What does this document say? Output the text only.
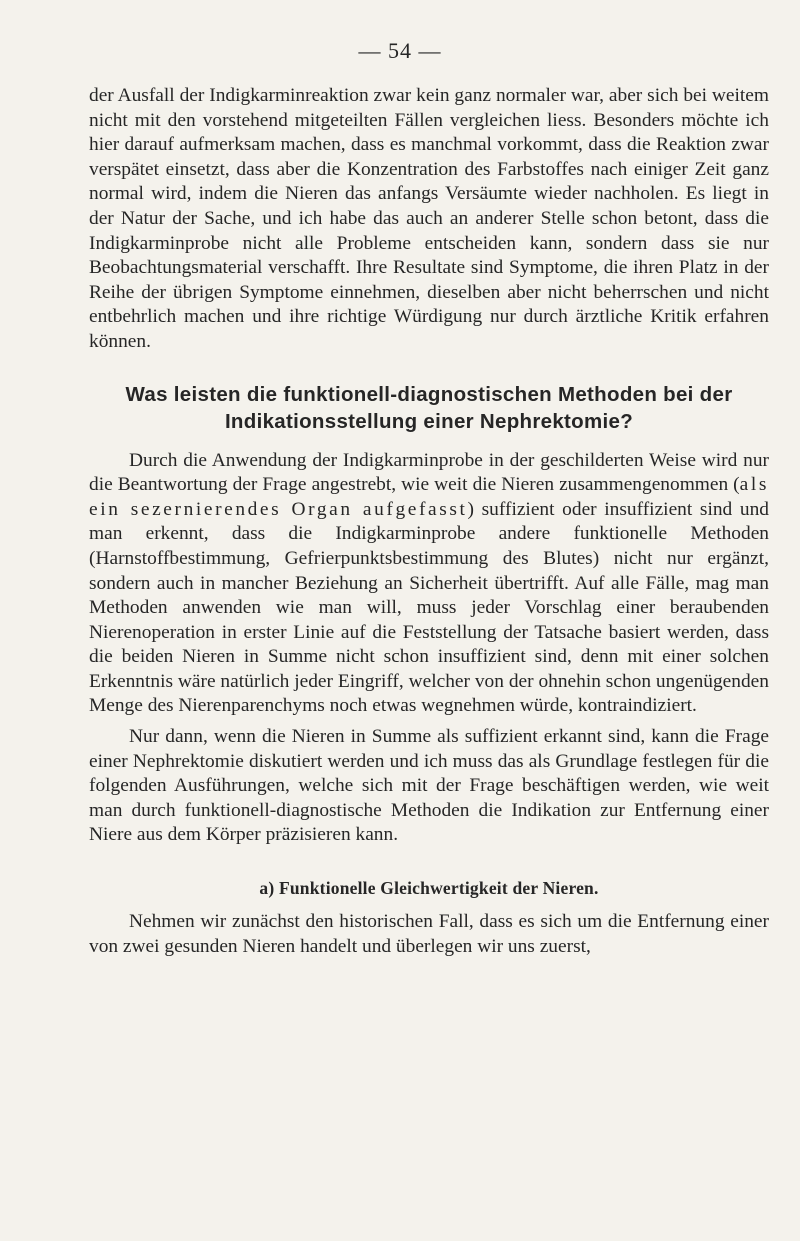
— 54 —

der Ausfall der Indigkarminreaktion zwar kein ganz normaler war, aber sich bei weitem nicht mit den vorstehend mitgeteilten Fällen vergleichen liess. Besonders möchte ich hier darauf aufmerksam machen, dass es manchmal vorkommt, dass die Reaktion zwar verspätet einsetzt, dass aber die Konzentration des Farbstoffes nach einiger Zeit ganz normal wird, indem die Nieren das anfangs Versäumte wieder nachholen. Es liegt in der Natur der Sache, und ich habe das auch an anderer Stelle schon betont, dass die Indigkarminprobe nicht alle Probleme entscheiden kann, sondern dass sie nur Beobachtungsmaterial verschafft. Ihre Resultate sind Symptome, die ihren Platz in der Reihe der übrigen Symptome einnehmen, dieselben aber nicht beherrschen und nicht entbehrlich machen und ihre richtige Würdigung nur durch ärztliche Kritik erfahren können.

Was leisten die funktionell-diagnostischen Methoden bei der Indikationsstellung einer Nephrektomie?

Durch die Anwendung der Indigkarminprobe in der geschilderten Weise wird nur die Beantwortung der Frage angestrebt, wie weit die Nieren zusammengenommen (als ein sezernierendes Organ aufgefasst) suffizient oder insuffizient sind und man erkennt, dass die Indigkarminprobe andere funktionelle Methoden (Harnstoffbestimmung, Gefrierpunktsbestimmung des Blutes) nicht nur ergänzt, sondern auch in mancher Beziehung an Sicherheit übertrifft. Auf alle Fälle, mag man Methoden anwenden wie man will, muss jeder Vorschlag einer beraubenden Nierenoperation in erster Linie auf die Feststellung der Tatsache basiert werden, dass die beiden Nieren in Summe nicht schon insuffizient sind, denn mit einer solchen Erkenntnis wäre natürlich jeder Eingriff, welcher von der ohnehin schon ungenügenden Menge des Nierenparenchyms noch etwas wegnehmen würde, kontraindiziert.

Nur dann, wenn die Nieren in Summe als suffizient erkannt sind, kann die Frage einer Nephrektomie diskutiert werden und ich muss das als Grundlage festlegen für die folgenden Ausführungen, welche sich mit der Frage beschäftigen werden, wie weit man durch funktionell-diagnostische Methoden die Indikation zur Entfernung einer Niere aus dem Körper präzisieren kann.

a) Funktionelle Gleichwertigkeit der Nieren.

Nehmen wir zunächst den historischen Fall, dass es sich um die Entfernung einer von zwei gesunden Nieren handelt und überlegen wir uns zuerst,
